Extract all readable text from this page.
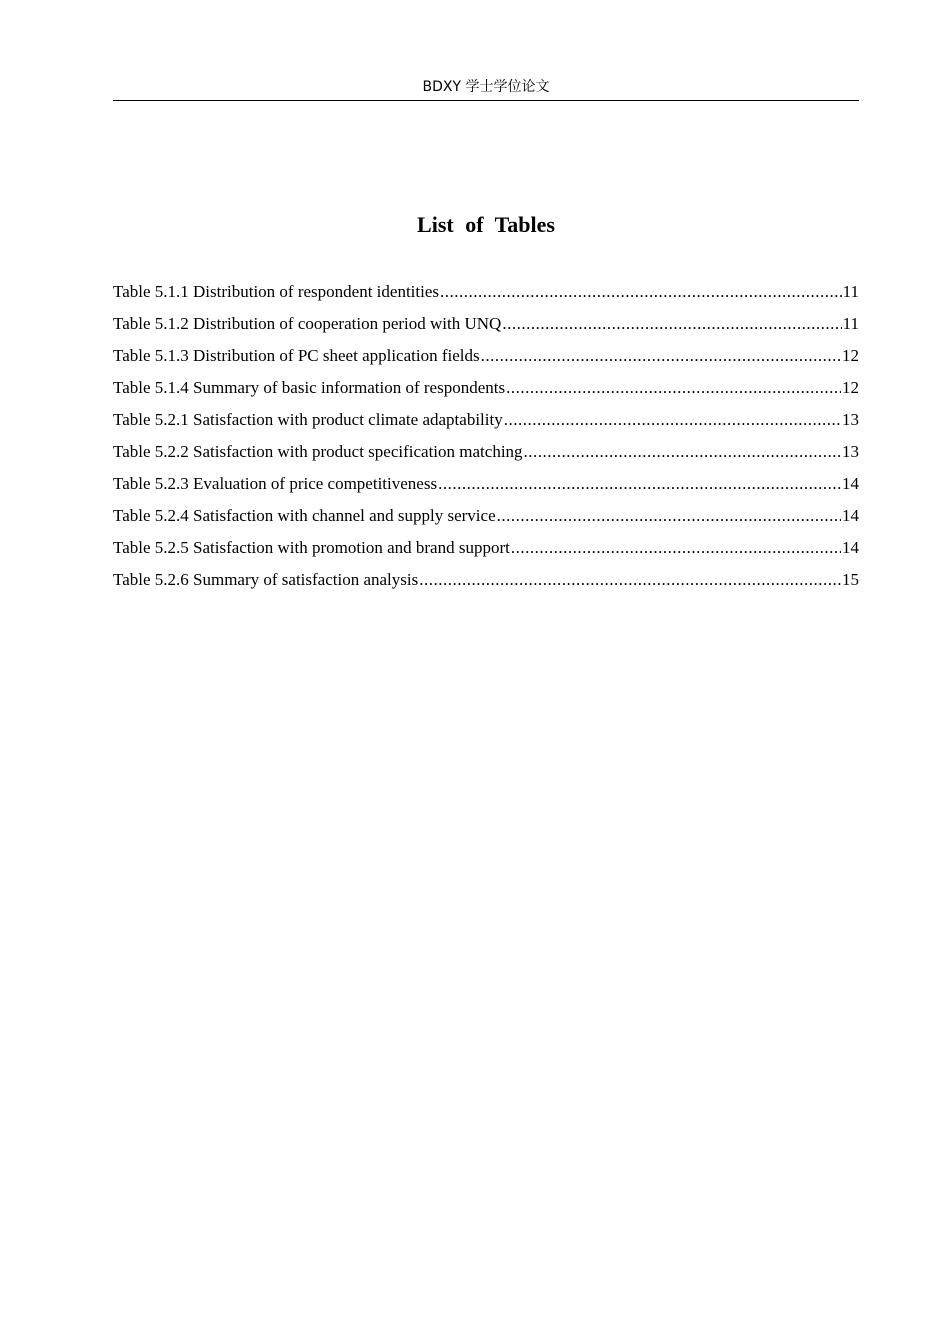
BDXY 学士学位论文
List of Tables
Table 5.1.1 Distribution of respondent identities .....	11
Table 5.1.2 Distribution of cooperation period with UNQ .....	11
Table 5.1.3 Distribution of PC sheet application fields .....	12
Table 5.1.4 Summary of basic information of respondents .....	12
Table 5.2.1 Satisfaction with product climate adaptability .....	13
Table 5.2.2 Satisfaction with product specification matching .....	13
Table 5.2.3 Evaluation of price competitiveness .....	14
Table 5.2.4 Satisfaction with channel and supply service .....	14
Table 5.2.5 Satisfaction with promotion and brand support .....	14
Table 5.2.6 Summary of satisfaction analysis .....	15
